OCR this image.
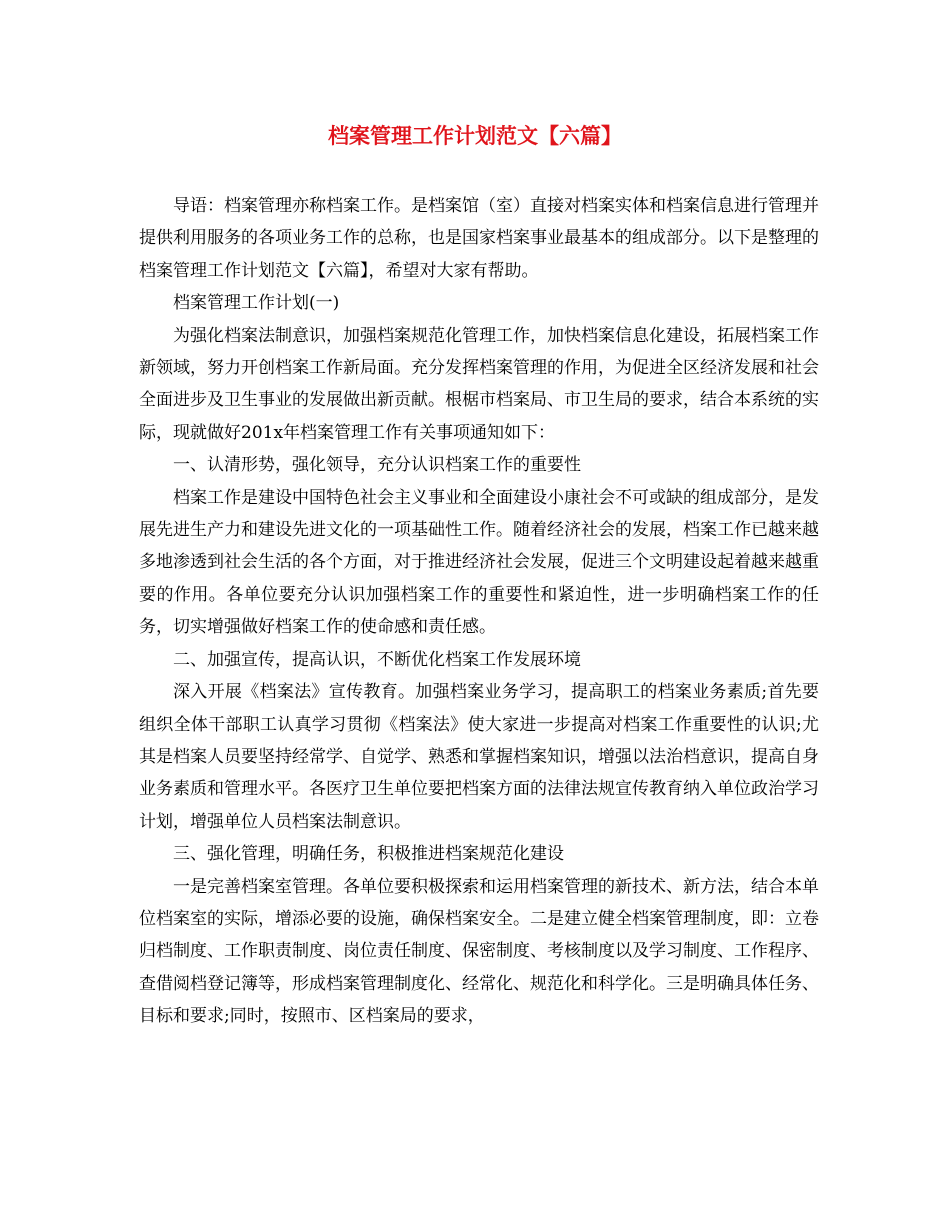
档案管理工作计划范文【六篇】

导语：档案管理亦称档案工作。是档案馆（室）直接对档案实体和档案信息进行管理并提供利用服务的各项业务工作的总称，也是国家档案事业最基本的组成部分。以下是整理的档案管理工作计划范文【六篇】，希望对大家有帮助。

档案管理工作计划(一)

为强化档案法制意识，加强档案规范化管理工作，加快档案信息化建设，拓展档案工作新领域，努力开创档案工作新局面。充分发挥档案管理的作用，为促进全区经济发展和社会全面进步及卫生事业的发展做出新贡献。根椐市档案局、市卫生局的要求，结合本系统的实际，现就做好201x年档案管理工作有关事项通知如下：

一、认清形势，强化领导，充分认识档案工作的重要性

档案工作是建设中国特色社会主义事业和全面建设小康社会不可或缺的组成部分，是发展先进生产力和建设先进文化的一项基础性工作。随着经济社会的发展，档案工作已越来越多地渗透到社会生活的各个方面，对于推进经济社会发展，促进三个文明建设起着越来越重要的作用。各单位要充分认识加强档案工作的重要性和紧迫性，进一步明确档案工作的任务，切实增强做好档案工作的使命感和责任感。

二、加强宣传，提高认识，不断优化档案工作发展环境

深入开展《档案法》宣传教育。加强档案业务学习，提高职工的档案业务素质;首先要组织全体干部职工认真学习贯彻《档案法》使大家进一步提高对档案工作重要性的认识;尤其是档案人员要坚持经常学、自觉学、熟悉和掌握档案知识，增强以法治档意识，提高自身业务素质和管理水平。各医疗卫生单位要把档案方面的法律法规宣传教育纳入单位政治学习计划，增强单位人员档案法制意识。

三、强化管理，明确任务，积极推进档案规范化建设

一是完善档案室管理。各单位要积极探索和运用档案管理的新技术、新方法，结合本单位档案室的实际，增添必要的设施，确保档案安全。二是建立健全档案管理制度，即：立卷归档制度、工作职责制度、岗位责任制度、保密制度、考核制度以及学习制度、工作程序、查借阅档登记簿等，形成档案管理制度化、经常化、规范化和科学化。三是明确具体任务、目标和要求;同时，按照市、区档案局的要求，
